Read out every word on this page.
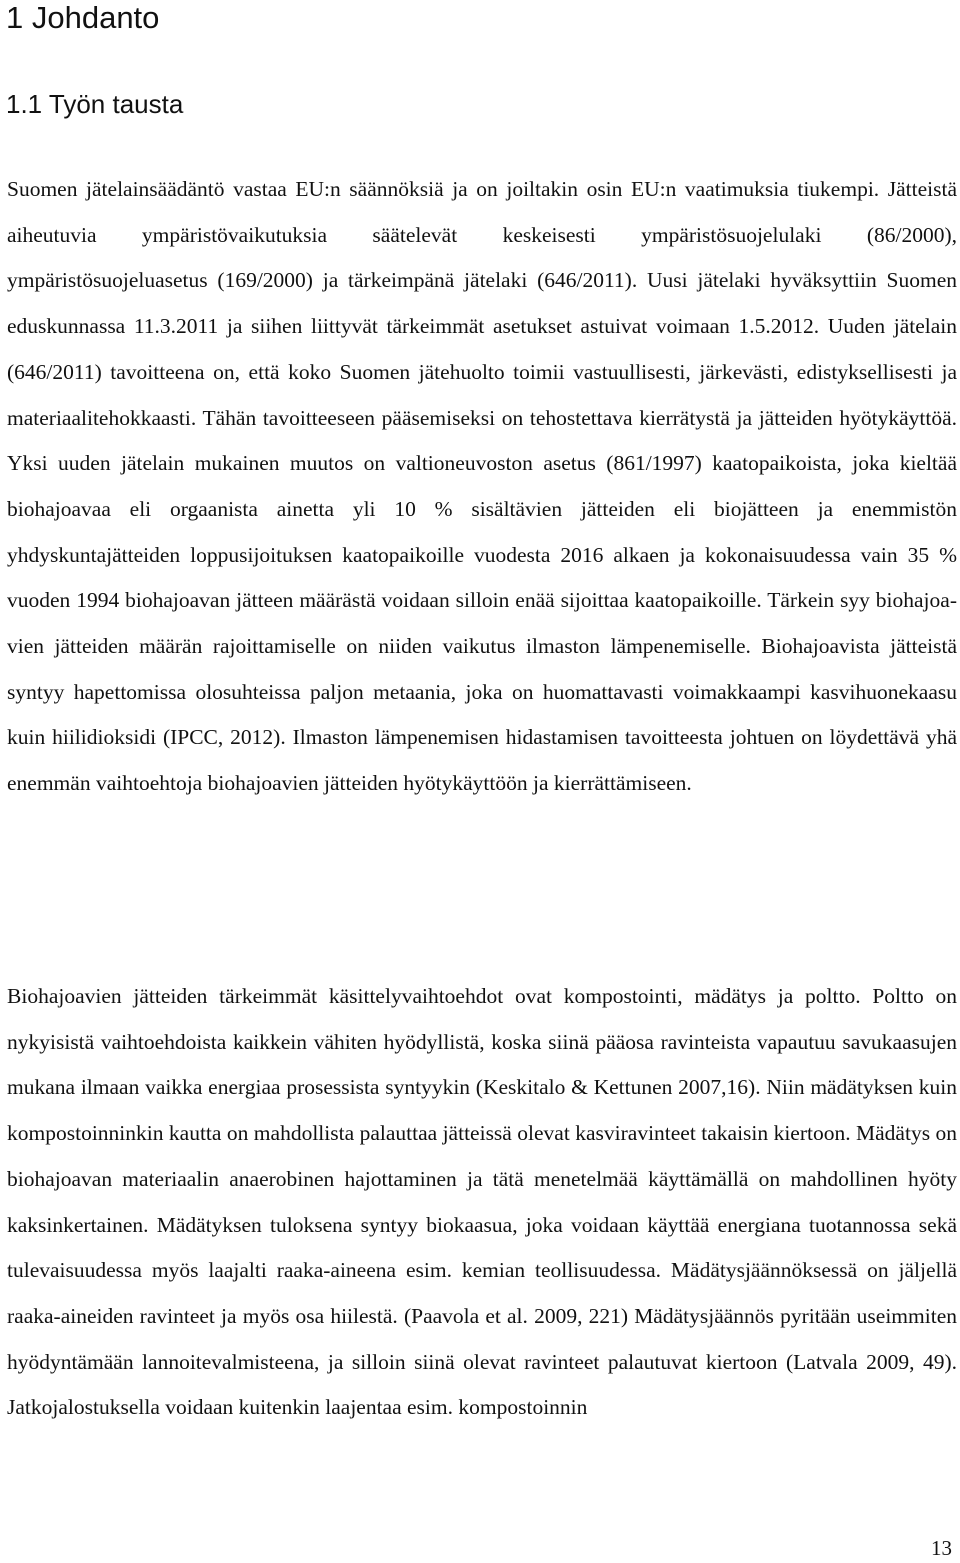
1 Johdanto
1.1 Työn tausta

Suomen jätelainsäädäntö vastaa EU:n säännöksiä ja on joiltakin osin EU:n vaatimuksia tiukempi. Jätteistä aiheutuvia ympäristövaikutuksia säätelevät keskeisesti ympäristösuojelulaki (86/2000), ympäristösuojeluasetus (169/2000) ja tärkeimpänä jätelaki (646/2011). Uusi jätelaki hyväksyttiin Suomen eduskunnassa 11.3.2011 ja siihen liittyvät tärkeimmät asetukset astuivat voimaan 1.5.2012. Uuden jätelain (646/2011) tavoitteena on, että koko Suomen jätehuolto toimii vastuullisesti, järkevästi, edistyksellisesti ja materiaalitehokkaasti. Tähän tavoitteeseen pääsemiseksi on tehostettava kierrätystä ja jätteiden hyötykäyttöä. Yksi uuden jätelain mukainen muutos on valtioneuvoston asetus (861/1997) kaatopaikoista, joka kieltää biohajoavaa eli orgaanista ainetta yli 10 % sisältävien jätteiden eli biojätteen ja enemmistön yhdyskuntajätteiden loppusijoituksen kaatopaikoille vuodesta 2016 alkaen ja kokonaisuudessa vain 35 % vuoden 1994 biohajoavan jätteen määrästä voidaan silloin enää sijoittaa kaatopaikoille. Tärkein syy biohajoavien jätteiden määrän rajoittamiselle on niiden vaikutus ilmaston lämpenemiselle. Biohajoavista jätteistä syntyy hapettomissa olosuhteissa paljon metaania, joka on huomattavasti voimakkaampi kasvihuonekaasu kuin hiilidioksidi (IPCC, 2012). Ilmaston lämpenemisen hidastamisen tavoitteesta johtuen on löydettävä yhä enemmän vaihtoehtoja biohajoavien jätteiden hyötykäyttöön ja kierrättämiseen.

Biohajoavien jätteiden tärkeimmät käsittelyvaihtoehdot ovat kompostointi, mädätys ja poltto. Poltto on nykyisistä vaihtoehdoista kaikkein vähiten hyödyllistä, koska siinä pääosa ravinteista vapautuu savukaasujen mukana ilmaan vaikka energiaa prosessista syntyykin (Keskitalo & Kettunen 2007,16). Niin mädätyksen kuin kompostoinninkin kautta on mahdollista palauttaa jätteissä olevat kasviravinteet takaisin kiertoon. Mädätys on biohajoavan materiaalin anaerobinen hajottaminen ja tätä menetelmää käyttämällä on mahdollinen hyöty kaksinkertainen. Mädätyksen tuloksena syntyy biokaasua, joka voidaan käyttää energiana tuotannossa sekä tulevaisuudessa myös laajalti raaka-aineena esim. kemian teollisuudessa. Mädätysjäännöksessä on jäljellä raaka-aineiden ravinteet ja myös osa hiilestä. (Paavola et al. 2009, 221) Mädätysjäännös pyritään useimmiten hyödyntämään lannoitevalmisteena, ja silloin siinä olevat ravinteet palautuvat kiertoon (Latvala 2009, 49). Jatkojalostuksella voidaan kuitenkin laajentaa esim. kompostoinnin

13
